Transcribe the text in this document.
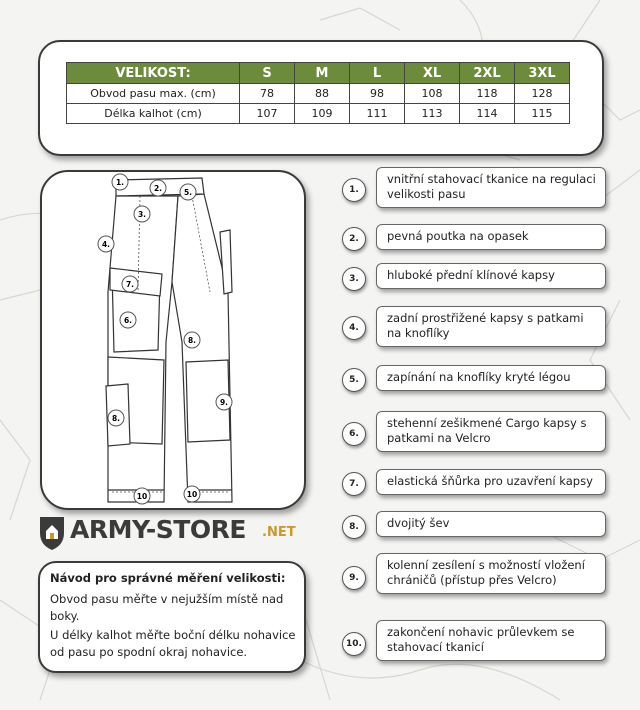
VELIKOST:	S	M	L	XL	2XL	3XL
Obvod pasu max. (cm)	78	88	98	108	118	128
Délka kalhot (cm)	107	109	111	113	114	115
1.
2.	5.
3.
4.
7.
6.
8.
8.
9.
10	10
1.
vnitřní stahovací tkanice na regulaci velikosti pasu
2.	pevná poutka na opasek
3.	hluboké přední klínové kapsy
4.
zadní prostřižené kapsy s patkami na knoflíky
5.	zapínání na knoflíky kryté légou
6.
stehenní zešikmené Cargo kapsy s patkami na Velcro
7.	elastická šňůrka pro uzavření kapsy
8.	dvojitý šev
9.
kolenní zesílení s možností vložení chráničů (přístup přes Velcro)
10.
zakončení nohavic průlevkem se stahovací tkanicí
ARMY-STORE .NET
Návod pro správné měření velikosti:
Obvod pasu měřte v nejužším místě nad boky.
U délky kalhot měřte boční délku nohavice od pasu po spodní okraj nohavice.
